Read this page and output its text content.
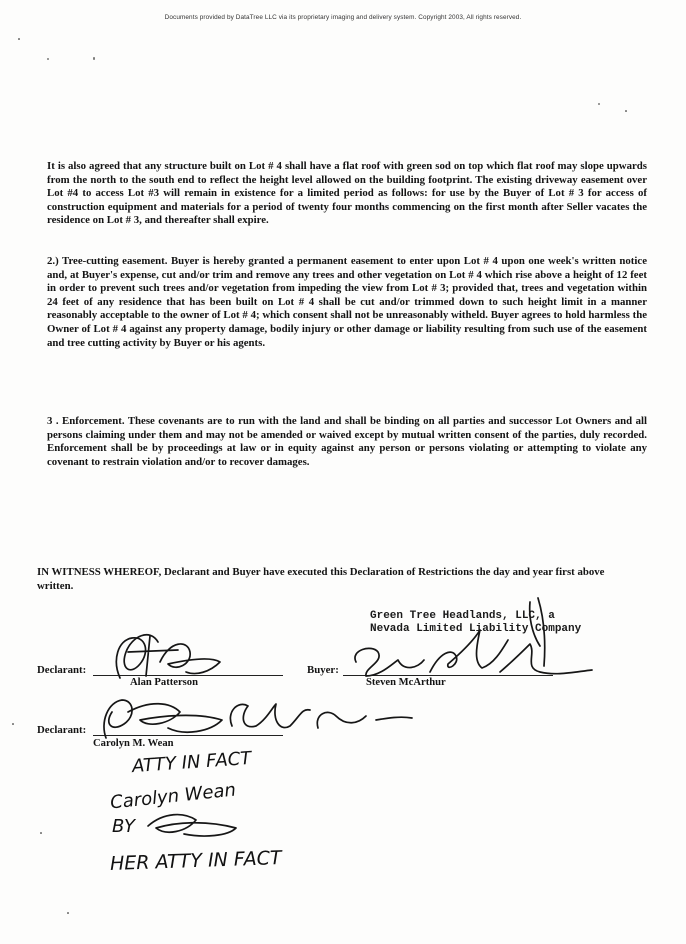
Documents provided by DataTree LLC via its proprietary imaging and delivery system. Copyright 2003, All rights reserved.

It is also agreed that any structure built on Lot # 4 shall have a flat roof with green sod on top which flat roof may slope upwards from the north to the south end to reflect the height level allowed on the building footprint. The existing driveway easement over Lot #4 to access Lot #3 will remain in existence for a limited period as follows: for use by the Buyer of Lot # 3 for access of construction equipment and materials for a period of twenty four months commencing on the first month after Seller vacates the residence on Lot # 3, and thereafter shall expire.

2.) Tree-cutting easement. Buyer is hereby granted a permanent easement to enter upon Lot # 4 upon one week's written notice and, at Buyer's expense, cut and/or trim and remove any trees and other vegetation on Lot # 4 which rise above a height of 12 feet in order to prevent such trees and/or vegetation from impeding the view from Lot # 3; provided that, trees and vegetation within 24 feet of any residence that has been built on Lot # 4 shall be cut and/or trimmed down to such height limit in a manner reasonably acceptable to the owner of Lot # 4; which consent shall not be unreasonably witheld. Buyer agrees to hold harmless the Owner of Lot # 4 against any property damage, bodily injury or other damage or liability resulting from such use of the easement and tree cutting activity by Buyer or his agents.

3 . Enforcement. These covenants are to run with the land and shall be binding on all parties and successor Lot Owners and all persons claiming under them and may not be amended or waived except by mutual written consent of the parties, duly recorded. Enforcement shall be by proceedings at law or in equity against any person or persons violating or attempting to violate any covenant to restrain violation and/or to recover damages.

IN WITNESS WHEREOF, Declarant and Buyer have executed this Declaration of Restrictions the day and year first above written.

Green Tree Headlands, LLC, a
Nevada Limited Liability Company
Declarant:
Alan Patterson
Buyer:
Steven McArthur
Declarant:
Carolyn M. Wean
ATTY IN FACT
Carolyn Wean
BY
HER ATTY IN FACT
